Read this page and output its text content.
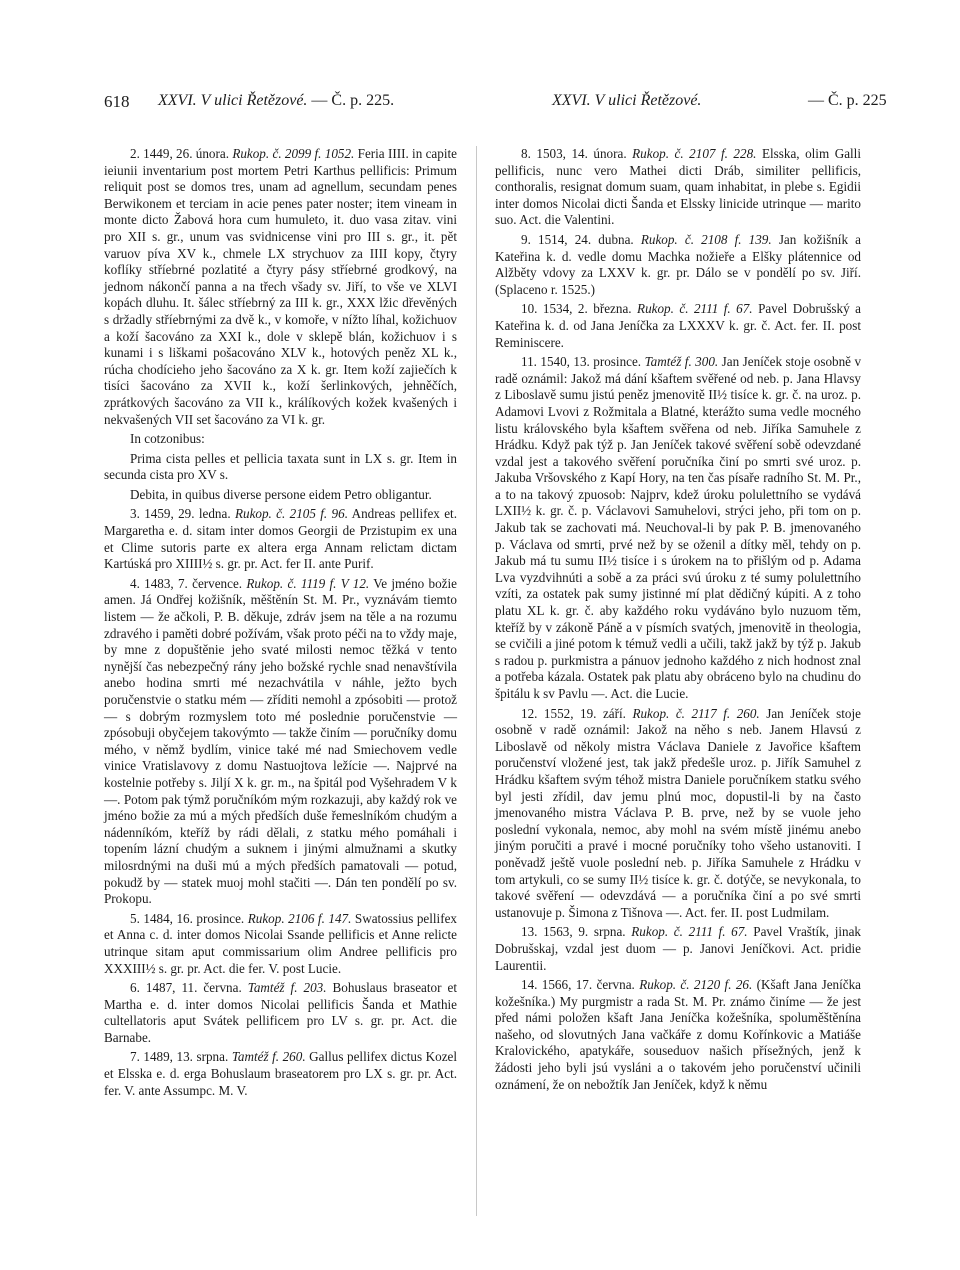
618 XXVI. V ulici Řetězové. — Č. p. 225.	XXVI. V ulici Řetězové.	— Č. p. 225

2. 1449, 26. února. Rukop. č. 2099 f. 1052. Feria IIII. in capite ieiunii inventarium post mortem Petri Karthus pellificis: Primum reliquit post se domos tres, unam ad agnellum, secundam penes Berwikonem et terciam in acie penes pater noster; item vineam in monte dicto Žabová hora cum humuleto, it. duo vasa zitav. vini pro XII s. gr., unum vas svidnicense vini pro III s. gr., it. pět varuov píva XV k., chmele LX strychuov za IIII kopy, čtyry koflíky stříebrné pozlatité a čtyry pásy stříebrné grodkový, na jednom nákončí panna a na třech všady sv. Jiří, to vše ve XLVI kopách dluhu. It. šálec stříebrný za III k. gr., XXX lžic dřevěných s držadly stříebrnými za dvě k., v komoře, v nížto líhal, kožichuov a koží šacováno za XXI k., dole v sklepě blán, kožichuov i s kunami i s liškami pošacováno XLV k., hotových peněz XL k., rúcha chodícieho jeho šacováno za X k. gr. Item koží zajiečích k tisíci šacováno za XVII k., koží šerlinkových, jehněčích, zprátkových šacováno za VII k., králíkových kožek kvašených i nekvašených VII set šacováno za VI k. gr.

In cotzonibus:

Prima cista pelles et pellicia taxata sunt in LX s. gr. Item in secunda cista pro XV s.

Debita, in quibus diverse persone eidem Petro obligantur.

3. 1459, 29. ledna. Rukop. č. 2105 f. 96. Andreas pellifex et. Margaretha e. d. sitam inter domos Georgii de Przistupim ex una et Clime sutoris parte ex altera erga Annam relictam dictam Kartúská pro XIIII½ s. gr. pr. Act. fer II. ante Purif.

4. 1483, 7. července. Rukop. č. 1119 f. V 12. Ve jméno božie amen. Já Ondřej kožišník, měštěnín St. M. Pr., vyznávám tiemto listem — že ačkoli, P. B. děkuje, zdráv jsem na těle a na rozumu zdravého i paměti dobré požívám, však proto péči na to vždy maje, by mne z dopuštěnie jeho svaté milosti nemoc těžká v tento nynější čas nebezpečný rány jeho božské rychle snad nenavštívila anebo hodina smrti mé nezachvátila v náhle, ježto bych poručenstvie o statku mém — zříditi nemohl a zpósobiti — protož — s dobrým rozmyslem toto mé poslednie poručenstvie — zpósobuji obyčejem takovýmto — takže činím — poručníky domu mého, v němž bydlím, vinice také mé nad Smiechovem vedle vinice Vratislavovy z domu Nastuojtova ležície —. Najprvé na kostelnie potřeby s. Jiljí X k. gr. m., na špitál pod Vyšehradem V k —. Potom pak týmž poručníkóm mým rozkazuji, aby každý rok ve jméno božie za mú a mých předších duše řemeslníkóm chudým a nádenníkóm, kteříž by rádi dělali, z statku mého pomáhali i topením lázní chudým a suknem i jinými almužnami a skutky milosrdnými na duši mú a mých předších pamatovali — potud, pokudž by — statek muoj mohl stačiti —. Dán ten pondělí po sv. Prokopu.

5. 1484, 16. prosince. Rukop. 2106 f. 147. Swatossius pellifex et Anna c. d. inter domos Nicolai Ssande pellificis et Anne relicte utrinque sitam aput commissarium olim Andree pellificis pro XXXIII½ s. gr. pr. Act. die fer. V. post Lucie.

6. 1487, 11. června. Tamtéž f. 203. Bohuslaus braseator et Martha e. d. inter domos Nicolai pellificis Šanda et Mathie cultellatoris aput Svátek pellificem pro LV s. gr. pr. Act. die Barnabe.

7. 1489, 13. srpna. Tamtéž f. 260. Gallus pellifex dictus Kozel et Elsska e. d. erga Bohuslaum braseatorem pro LX s. gr. pr. Act. fer. V. ante Assumpc. M. V.

8. 1503, 14. února. Rukop. č. 2107 f. 228. Elsska, olim Galli pellificis, nunc vero Mathei dicti Dráb, similiter pellificis, conthoralis, resignat domum suam, quam inhabitat, in plebe s. Egidii inter domos Nicolai dicti Šanda et Elssky linicide utrinque — marito suo. Act. die Valentini.

9. 1514, 24. dubna. Rukop. č. 2108 f. 139. Jan kožišník a Kateřina k. d. vedle domu Machka nožieře a Elšky plátennice od Alžběty vdovy za LXXV k. gr. pr. Dálo se v pondělí po sv. Jiří. (Splaceno r. 1525.)

10. 1534, 2. března. Rukop. č. 2111 f. 67. Pavel Dobrušský a Kateřina k. d. od Jana Jeníčka za LXXXV k. gr. č. Act. fer. II. post Reminiscere.

11. 1540, 13. prosince. Tamtéž f. 300. Jan Jeníček stoje osobně v radě oznámil: Jakož má dání kšaftem svěřené od neb. p. Jana Hlavsy z Liboslavě sumu jistú peněz jmenovitě II½ tisíce k. gr. č. na uroz. p. Adamovi Lvovi z Rožmitala a Blatné, kterážto suma vedle mocného listu královského byla kšaftem svěřena od neb. Jiříka Samuhele z Hrádku. Když pak týž p. Jan Jeníček takové svěření sobě odevzdané vzdal jest a takového svěření poručníka činí po smrti své uroz. p. Jakuba Vršovského z Kapí Hory, na ten čas písaře radního St. M. Pr., a to na takový zpuosob: Najprv, kdež úroku polulettního se vydává LXII½ k. gr. č. p. Václavovi Samuhelovi, strýci jeho, při tom on p. Jakub tak se zachovati má. Neuchoval-li by pak P. B. jmenovaného p. Václava od smrti, prvé než by se oženil a dítky měl, tehdy on p. Jakub má tu sumu II½ tisíce i s úrokem na to přišlým od p. Adama Lva vyzdvihnúti a sobě a za práci svú úroku z té sumy polulettního vzíti, za ostatek pak sumy jistinné mí plat dědičný kúpiti. A z toho platu XL k. gr. č. aby každého roku vydáváno bylo nuzuom těm, kteříž by v zákoně Páně a v písmích svatých, jmenovitě in theologia, se cvičili a jiné potom k témuž vedli a učili, takž jakž by týž p. Jakub s radou p. purkmistra a pánuov jednoho každého z nich hodnost znal a potřeba kázala. Ostatek pak platu aby obráceno bylo na chudinu do špitálu k sv Pavlu —. Act. die Lucie.

12. 1552, 19. září. Rukop. č. 2117 f. 260. Jan Jeníček stoje osobně v radě oznámil: Jakož na něho s neb. Janem Hlavsú z Liboslavě od několy mistra Václava Daniele z Javořice kšaftem poručenství vložené jest, tak jakž předešle uroz. p. Jiřík Samuhel z Hrádku kšaftem svým téhož mistra Daniele poručníkem statku svého byl jesti zřídil, dav jemu plnú moc, dopustil-li by na často jmenovaného mistra Václava P. B. prve, než by se vuole jeho poslední vykonala, nemoc, aby mohl na svém místě jinému anebo jiným poručiti a pravé i mocné poručníky toho všeho ustanoviti. I poněvadž ještě vuole poslední neb. p. Jiříka Samuhele z Hrádku v tom artykuli, co se sumy II½ tisíce k. gr. č. dotýče, se nevykonala, to takové svěření — odevzdává — a poručníka činí a po své smrti ustanovuje p. Šimona z Tišnova —. Act. fer. II. post Ludmilam.

13. 1563, 9. srpna. Rukop. č. 2111 f. 67. Pavel Vraštík, jinak Dobrušskaj, vzdal jest duom — p. Janovi Jeníčkovi. Act. pridie Laurentii.

14. 1566, 17. června. Rukop. č. 2120 f. 26. (Kšaft Jana Jeníčka kožešníka.) My purgmistr a rada St. M. Pr. známo činíme — že jest před námi položen kšaft Jana Jeníčka kožešníka, spoluměštěnína našeho, od slovutných Jana vačkáře z domu Kořínkovic a Matiáše Kralovického, apatykáře, souseduov našich přísežných, jenž k žádosti jeho byli jsú vysláni a o takovém jeho poručenství učinili oznámení, že on nebožtík Jan Jeníček, když k němu
